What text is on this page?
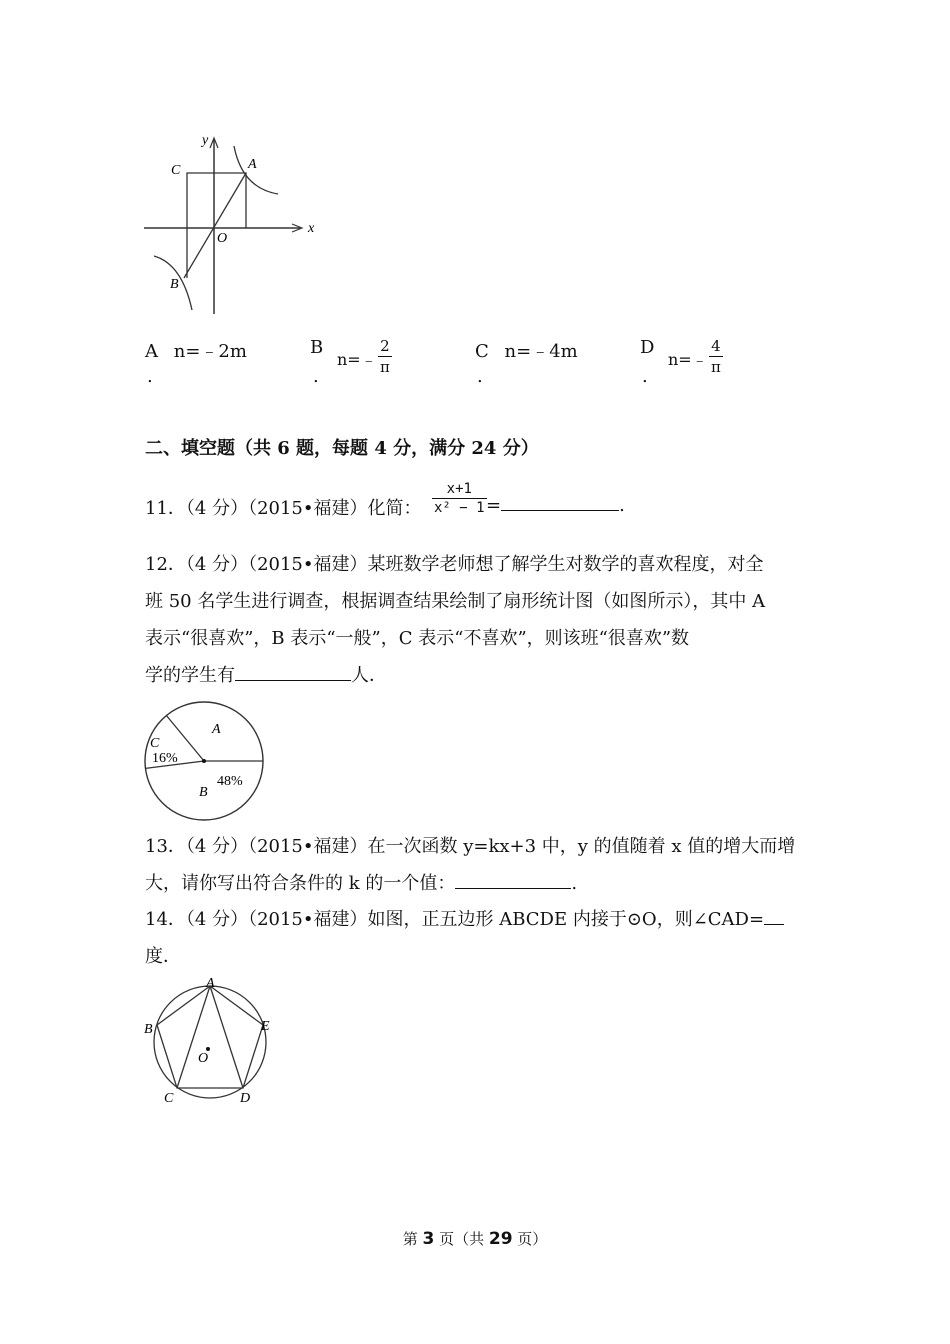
y
x
A
B
C
O
A n=﹣2m
.
B
.
n=﹣
2
π
C n=﹣4m
.
D
.
n=﹣
4
π
二、填空题（共 6 题，每题 4 分，满分 24 分）
11．（4 分）（2015•福建）化简：
x+1
x² − 1 =	.
12．（4 分）（2015•福建）某班数学老师想了解学生对数学的喜欢程度，对全
班 50 名学生进行调查，根据调查结果绘制了扇形统计图（如图所示），其中 A
表示“很喜欢”，B 表示“一般”，C 表示“不喜欢”，则该班“很喜欢”数
学的学生有	人．
A
B
C
16%
48%
13．（4 分）（2015•福建）在一次函数 y=kx+3 中，y 的值随着 x 值的增大而增
大，请你写出符合条件的 k 的一个值：	.
14．（4 分）（2015•福建）如图，正五边形 ABCDE 内接于⊙O，则∠CAD=
度．
A
B
C	D
E
O
第 3 页（共 29 页）
